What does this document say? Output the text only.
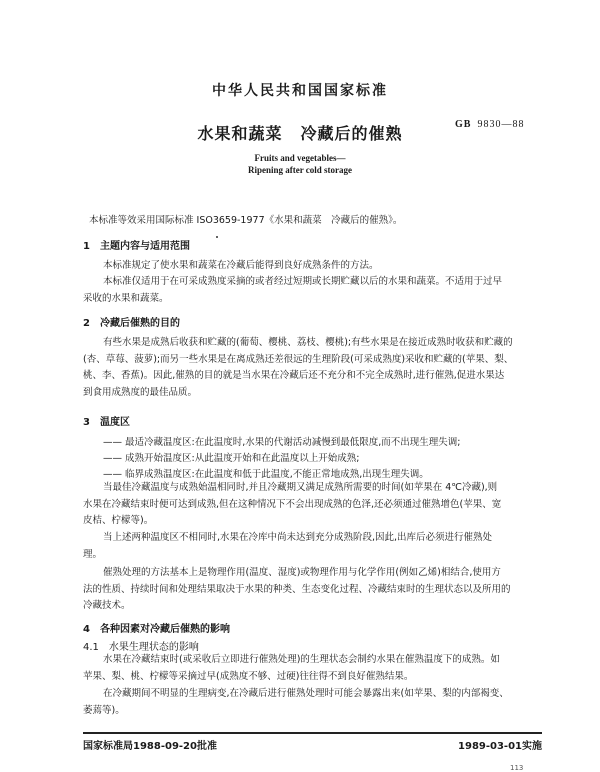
中华人民共和国国家标准
GB 9830—88
水果和蔬菜 冷藏后的催熟
Fruits and vegetables—
Ripening after cold storage
本标准等效采用国际标准 ISO3659-1977《水果和蔬菜　冷藏后的催熟》。
1　主题内容与适用范围
本标准规定了使水果和蔬菜在冷藏后能得到良好成熟条件的方法。
本标准仅适用于在可采成熟度采摘的或者经过短期或长期贮藏以后的水果和蔬菜。不适用于过早
采收的水果和蔬菜。
2　冷藏后催熟的目的
有些水果是成熟后收获和贮藏的(葡萄、樱桃、荔枝、樱桃);有些水果是在接近成熟时收获和贮藏的
(杏、草莓、菠萝);而另一些水果是在离成熟还差很远的生理阶段(可采成熟度)采收和贮藏的(苹果、梨、
桃、李、香蕉)。因此,催熟的目的就是当水果在冷藏后还不充分和不完全成熟时,进行催熟,促进水果达
到食用成熟度的最佳品质。
3　温度区
—— 最适冷藏温度区:在此温度时,水果的代谢活动减慢到最低限度,而不出现生理失调;
—— 成熟开始温度区:从此温度开始和在此温度以上开始成熟;
—— 临界成熟温度区:在此温度和低于此温度,不能正常地成熟,出现生理失调。
当最佳冷藏温度与成熟始温相同时,并且冷藏期又满足成熟所需要的时间(如苹果在 4℃冷藏),则
水果在冷藏结束时便可达到成熟,但在这种情况下不会出现成熟的色泽,还必须通过催熟增色(苹果、宽
皮桔、柠檬等)。
当上述两种温度区不相同时,水果在冷库中尚未达到充分成熟阶段,因此,出库后必须进行催熟处
理。
催熟处理的方法基本上是物理作用(温度、湿度)或物理作用与化学作用(例如乙烯)相结合,使用方
法的性质、持续时间和处理结果取决于水果的种类、生态变化过程、冷藏结束时的生理状态以及所用的
冷藏技术。
4　各种因素对冷藏后催熟的影响
4.1　水果生理状态的影响
水果在冷藏结束时(或采收后立即进行催熟处理)的生理状态会制约水果在催熟温度下的成熟。如
苹果、梨、桃、柠檬等采摘过早(成熟度不够、过硬)往往得不到良好催熟结果。
在冷藏期间不明显的生理病变,在冷藏后进行催熟处理时可能会暴露出来(如苹果、梨的内部褐变、
萎蔫等)。
国家标准局1988-09-20批准	1989-03-01实施
113
